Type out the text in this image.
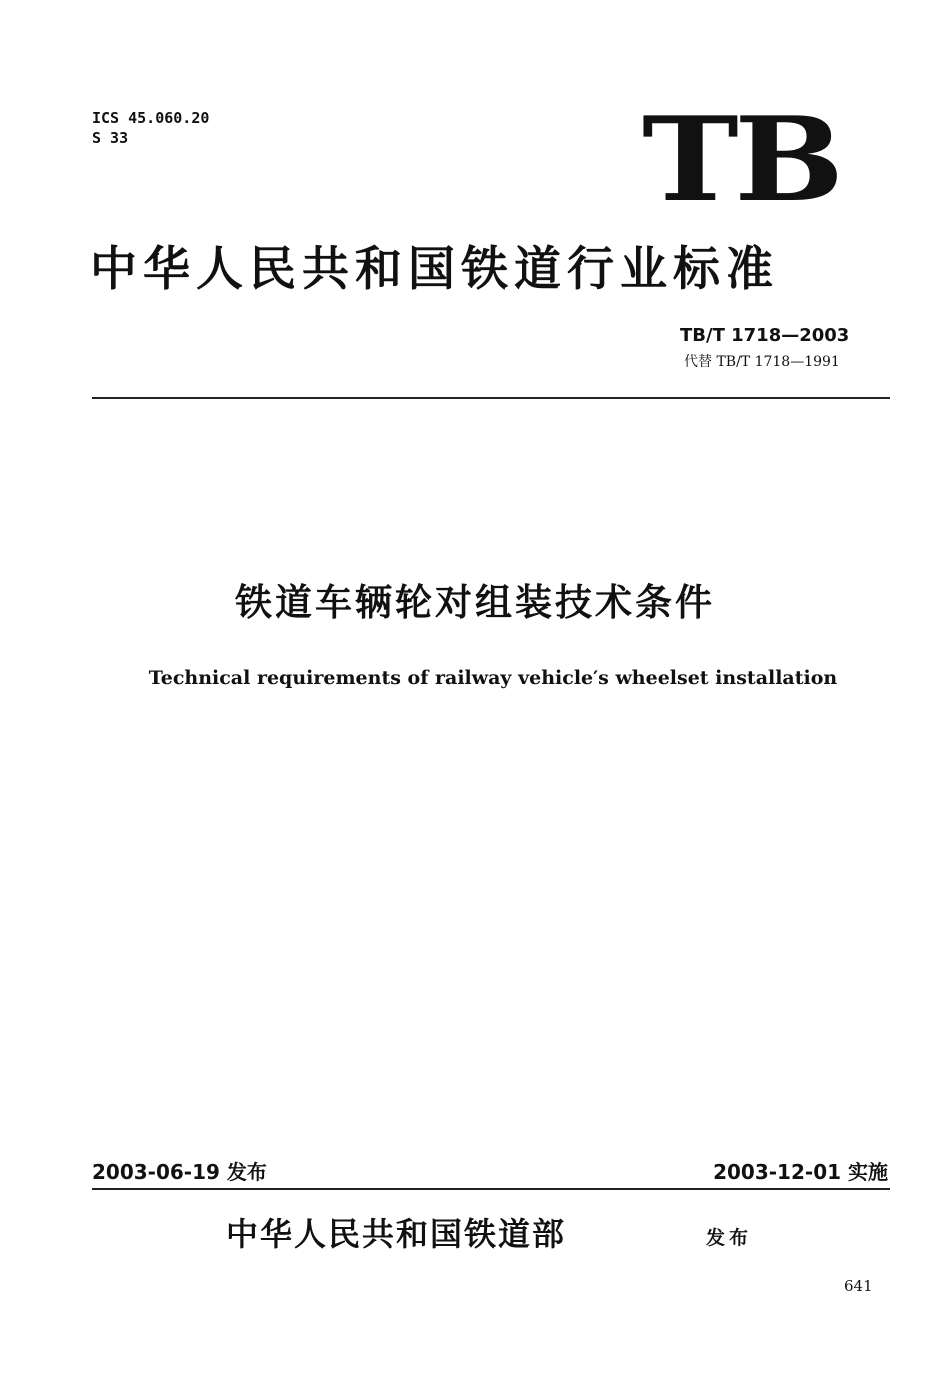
ICS 45.060.20
S 33	TB
中华人民共和国铁道行业标准
TB/T 1718—2003
代替 TB/T 1718—1991
铁道车辆轮对组装技术条件
Technical requirements of railway vehicle′s wheelset installation
2003-06-19 发布	2003-12-01 实施
中华人民共和国铁道部	发布
641
